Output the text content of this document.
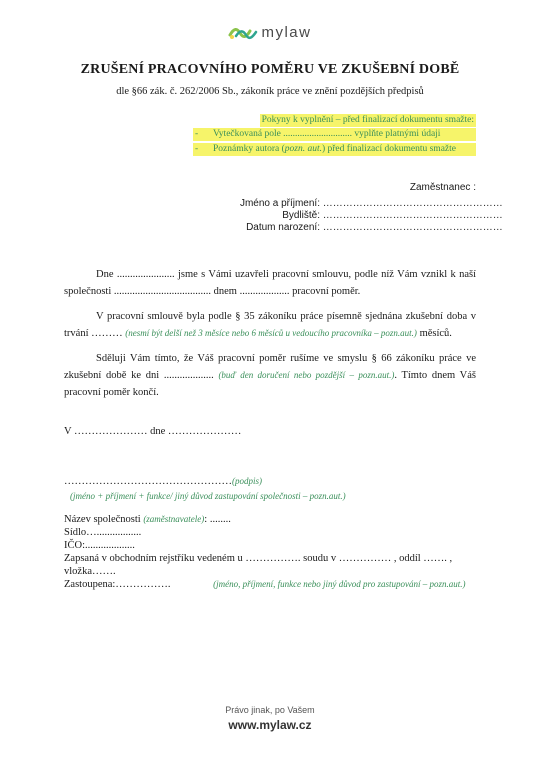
mylaw
ZRUŠENÍ PRACOVNÍHO POMĚRU VE ZKUŠEBNÍ DOBĚ
dle §66 zák. č. 262/2006 Sb., zákoník práce ve znění pozdějších předpisů
Pokyny k vyplnění – před finalizací dokumentu smažte:
- Vytečkovaná pole ............................. vyplňte platnými údaji
- Poznámky autora (pozn. aut.) před finalizací dokumentu smažte
Zaměstnanec :
Jméno a příjmení: ………………………………………………
Bydliště: ………………………………………………
Datum narození: ………………………………………………
Dne ...................... jsme s Vámi uzavřeli pracovní smlouvu, podle níž Vám vznikl k naší společnosti ..................................... dnem ................... pracovní poměr.
V pracovní smlouvě byla podle § 35 zákoníku práce písemně sjednána zkušební doba v trvání ……… (nesmí být delší než 3 měsíce nebo 6 měsíců u vedoucího pracovníka – pozn.aut.) měsíců.
Sděluji Vám tímto, že Váš pracovní poměr rušíme ve smyslu § 66 zákoníku práce ve zkušební době ke dni ................... (buď den doručení nebo pozdější – pozn.aut.). Tímto dnem Váš pracovní poměr končí.
V ………………… dne …………………
…………………………………………(podpis)
(jméno + příjmení + funkce/ jiný důvod zastupování společnosti – pozn.aut.)
Název společnosti (zaměstnavatele): ........
Sídlo….................
IČO:...................
Zapsaná v obchodním rejstříku vedeném u ……………. soudu v …………… , oddíl ……. ,
vložka…….
Zastoupena:…………….	(jméno, příjmení, funkce nebo jiný důvod pro zastupování – pozn.aut.)
Právo jinak, po Vašem
www.mylaw.cz
